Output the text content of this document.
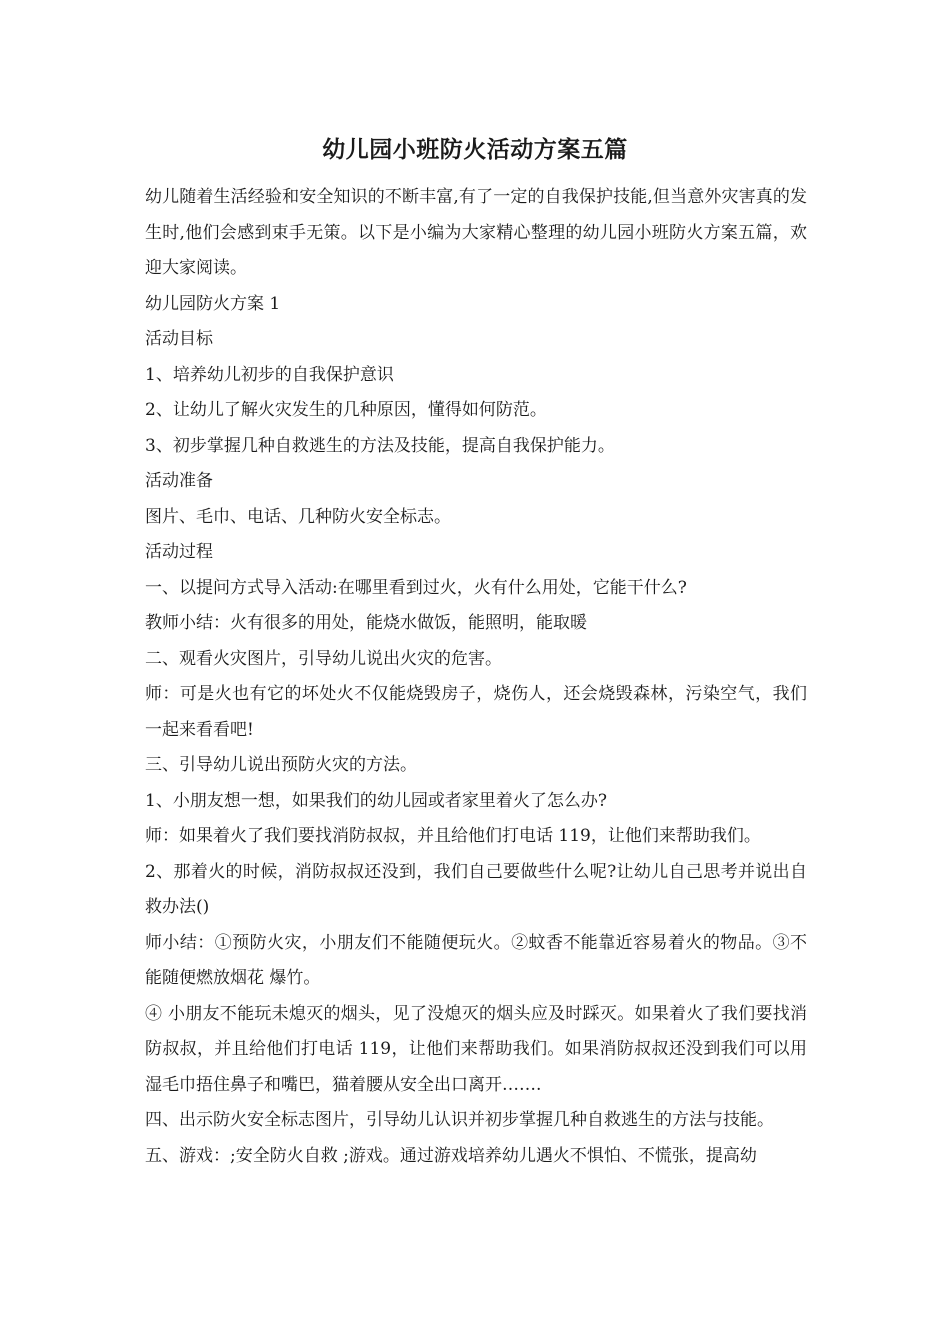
幼儿园小班防火活动方案五篇

幼儿随着生活经验和安全知识的不断丰富,有了一定的自我保护技能,但当意外灾害真的发生时,他们会感到束手无策。以下是小编为大家精心整理的幼儿园小班防火方案五篇，欢迎大家阅读。

幼儿园防火方案 1

活动目标

1、培养幼儿初步的自我保护意识

2、让幼儿了解火灾发生的几种原因，懂得如何防范。

3、初步掌握几种自救逃生的方法及技能，提高自我保护能力。

活动准备

图片、毛巾、电话、几种防火安全标志。

活动过程

一、以提问方式导入活动:在哪里看到过火，火有什么用处，它能干什么?

教师小结：火有很多的用处，能烧水做饭，能照明，能取暖

二、观看火灾图片，引导幼儿说出火灾的危害。

师：可是火也有它的坏处火不仅能烧毁房子，烧伤人，还会烧毁森林，污染空气，我们一起来看看吧!

三、引导幼儿说出预防火灾的方法。

1、小朋友想一想，如果我们的幼儿园或者家里着火了怎么办?

师：如果着火了我们要找消防叔叔，并且给他们打电话 119，让他们来帮助我们。

2、那着火的时候，消防叔叔还没到，我们自己要做些什么呢?让幼儿自己思考并说出自救办法()

师小结：①预防火灾，小朋友们不能随便玩火。②蚊香不能靠近容易着火的物品。③不能随便燃放烟花 爆竹。

④ 小朋友不能玩未熄灭的烟头，见了没熄灭的烟头应及时踩灭。如果着火了我们要找消防叔叔，并且给他们打电话 119，让他们来帮助我们。如果消防叔叔还没到我们可以用湿毛巾捂住鼻子和嘴巴，猫着腰从安全出口离开…….

四、出示防火安全标志图片，引导幼儿认识并初步掌握几种自救逃生的方法与技能。

五、游戏：;安全防火自救 ;游戏。通过游戏培养幼儿遇火不惧怕、不慌张，提高幼
